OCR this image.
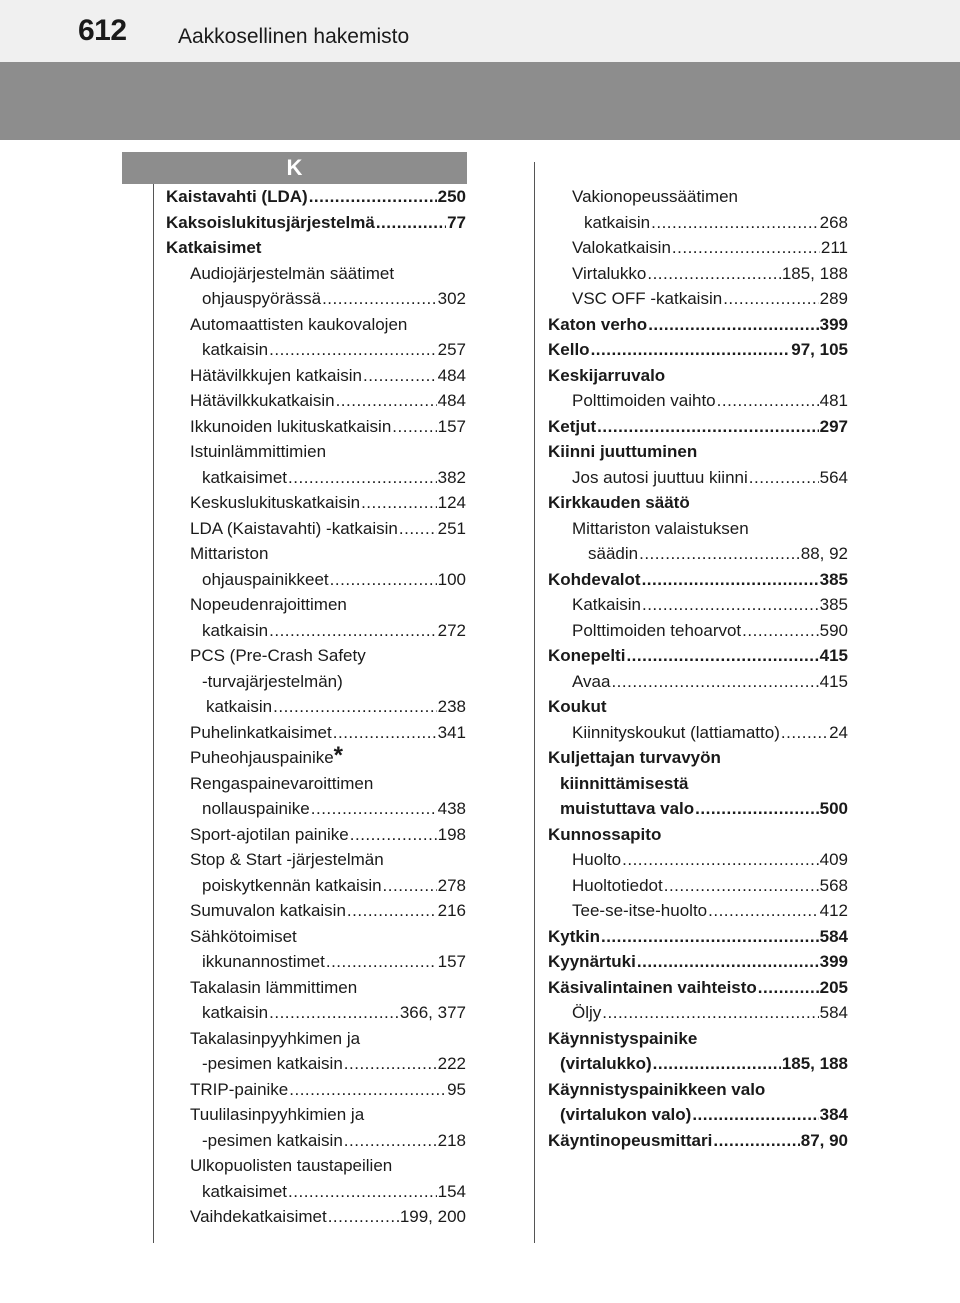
612 Aakkosellinen hakemisto
K
Kaistavahti (LDA) .....	250
Kaksoislukitusjärjestelmä .....	77
Katkaisimet
Audiojärjestelmän säätimet
ohjauspyörässä .....	302
Automaattisten kaukovalojen
katkaisin .....	257
Hätävilkkujen katkaisin .....	484
Hätävilkkukatkaisin .....	484
Ikkunoiden lukituskatkaisin .....	157
Istuinlämmittimien
katkaisimet .....	382
Keskuslukituskatkaisin .....	124
LDA (Kaistavahti) -katkaisin ..... 251
Mittariston
ohjauspainikkeet .....	100
Nopeudenrajoittimen
katkaisin .....	272
PCS (Pre-Crash Safety
-turvajärjestelmän)
katkaisin .....	238
Puhelinkatkaisimet .....	341
Puheohjauspainike *
Rengaspainevaroittimen
nollauspainike .....	438
Sport-ajotilan painike .....	198
Stop & Start -järjestelmän
poiskytkennän katkaisin .....	278
Sumuvalon katkaisin .....	216
Sähkötoimiset
ikkunannostimet .....	157
Takalasin lämmittimen
katkaisin .....	366, 377
Takalasinpyyhkimen ja
-pesimen katkaisin .....	222
TRIP-painike .....	95
Tuulilasinpyyhkimien ja
-pesimen katkaisin .....	218
Ulkopuolisten taustapeilien
katkaisimet .....	154
Vaihdekatkaisimet .....	199, 200
Vakionopeussäätimen
katkaisin .....	268
Valokatkaisin .....	211
Virtalukko .....	185, 188
VSC OFF -katkaisin .....	289
Katon verho .....	399
Kello .....	97, 105
Keskijarruvalo
Polttimoiden vaihto .....	481
Ketjut .....	297
Kiinni juuttuminen
Jos autosi juuttuu kiinni .....	564
Kirkkauden säätö
Mittariston valaistuksen
säädin .....	88, 92
Kohdevalot .....	385
Katkaisin .....	385
Polttimoiden tehoarvot .....	590
Konepelti .....	415
Avaa .....	415
Koukut
Kiinnityskoukut (lattiamatto) .....	24
Kuljettajan turvavyön
kiinnittämisestä
muistuttava valo .....	500
Kunnossapito
Huolto .....	409
Huoltotiedot .....	568
Tee-se-itse-huolto .....	412
Kytkin .....	584
Kyynärtuki .....	399
Käsivalintainen vaihteisto .....	205
Öljy .....	584
Käynnistyspainike
(virtalukko) .....	185, 188
Käynnistyspainikkeen valo
(virtalukon valo) .....	384
Käyntinopeusmittari .....	87, 90
